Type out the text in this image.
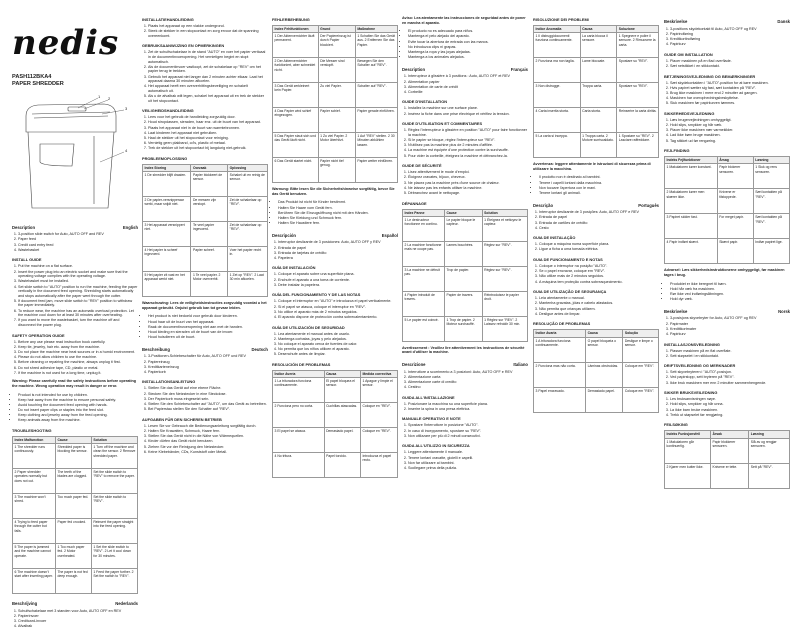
nedis
PASH112BKA4
PAPER SHREDDER
1 2
3
4
Description	English
1. 3-position slide switch for Auto, AUTO OFF and REV
2. Paper feed
3. Credit card entry feed
4. Wastebasket
INSTALL GUIDE
1. Put the machine on a flat surface.
2. Insert the power plug into an electric socket and make sure that the operating voltage complies with the operating voltage.
3. Wastebasket must be installed.
4. Set slide switch to "AUTO" position to run the machine, feeding the paper vertically in the document feed opening. Shredding starts automatically and stops automatically after the paper went through the cutter.
5. If document feed jam, move slide switch to "REV" position to withdraw the paper immediately.
6. To reduce wear, the machine has an automatic overload protection. Let the machine cool down for at least 30 minutes after overheating.
7. If you want to move the wastebasket, turn the machine off and disconnect the power plug.
SAFETY OPERATION GUIDE
1. Before any use please read instruction book carefully.
2. Keep tie, jewelry, hair etc. away from the machine.
3. Do not place the machine near heat sources or in a humid environment.
4. Please do not allow children to use the machine.
5. Before cleaning or repairing the machine, always unplug it first.
6. Do not shred adhesive tape, CD, plastic or metal.
7. If the machine is not used for a long time, unplug it.

Warning: Please carefully read the safety instructions before operating the machine. Wrong operation may result in danger or error.

• Product is not intended for use by children.
• Keep hair away from the machine to ensure personal safety.
• Avoid touching the document feed opening with hands.
• Do not insert paper clips or staples into the feed slot.
• Keep clothing and jewelry away from the feed opening.
• Keep animals away from the machine.
TROUBLESHOOTING
Index Malfunction	Cause	Solution
1 The shredder runs continuously.	Shredded paper is blocking the sensor.	1 Turn off the machine and clean the sensor. 2 Remove shredded paper.
2 Paper shredder operates normally but does not cut.	The teeth of the blades are clogged.	Set the slide switch to "REV" to remove the paper.
3 The machine won't shred.	Too much paper fed.	Set the slide switch to "REV".
4 Trying to feed paper through the cutter but fails.	Paper fed crooked.	Reinsert the paper straight into the feed opening.
5 The paper is jammed and the machine cannot operate.	1 Too much paper fed. 2 Motor overheated.	1 Set the slide switch to "REV". 2 Let it cool down for 30 minutes.
6 The machine doesn't start after inserting paper.	The paper is not fed deep enough.	1 Feed the paper further. 2 Set the switch to "REV".
Beschrijving	Nederlands
1. Schuifschakelaar met 3 standen voor Auto, AUTO OFF en REV
2. Papierinvoer
3. Creditcard-invoer
4. Afvalbak
INSTALLATIEHANDLEIDING
1. Plaats het apparaat op een vlakke ondergrond.
2. Steek de stekker in een stopcontact en zorg ervoor dat de spanning overeenkomt.
GEBRUIKSAANWIJZING EN OPMERKINGEN
1. Zet de schuifschakelaar in de stand "AUTO" en voer het papier verticaal in de documentinvoeropening. Het vernietigen begint en stopt automatisch.
2. Als de documentinvoer vastloopt, zet de schakelaar op "REV" om het papier terug te trekken.
3. Gebruik het apparaat niet langer dan 2 minuten achter elkaar. Laat het apparaat daarna 30 minuten afkoelen.
4. Het apparaat heeft een oververhittingsbeveiliging en schakelt automatisch uit.
5. Als u de afvalbak wilt legen, schakel het apparaat uit en trek de stekker uit het stopcontact.
VEILIGHEIDSHANDLEIDING
1. Lees voor het gebruik de handleiding zorgvuldig door.
2. Houd stropdassen, sieraden, haar enz. uit de buurt van het apparaat.
3. Plaats het apparaat niet in de buurt van warmtebronnen.
4. Laat kinderen het apparaat niet gebruiken.
5. Haal de stekker uit het stopcontact voor reiniging.
6. Vernietig geen plakband, cd's, plastic of metaal.
7. Trek de stekker uit het stopcontact bij langdurig niet-gebruik.
PROBLEEMOPLOSSING
Index Storing	Oorzaak	Oplossing
1 De shredder blijft draaien.	Papier blokkeert de sensor.	Schakel uit en reinig de sensor.
2 De papier-versnipperaar werkt, maar snijdt niet.	De messen zijn verstopt.	Zet de schakelaar op "REV".
3 Het apparaat versnippert niet.	Te veel papier ingevoerd.	Zet de schakelaar op "REV".
4 Het papier is scheef ingevoerd.	Papier scheef.	Voer het papier recht in.
5 Het papier zit vast en het apparaat werkt niet.	1 Te veel papier. 2 Motor oververhit.	1 Zet op "REV". 2 Laat 30 min afkoelen.

Waarschuwing: Lees de veiligheidsinstructies zorgvuldig voordat u het apparaat gebruikt. Onjuist gebruik kan tot gevaar leiden.

• Het product is niet bedoeld voor gebruik door kinderen.
• Houd haar uit de buurt van het apparaat.
• Raak de documentinvoeropening niet aan met de handen.
• Houd kleding en sieraden uit de buurt van de invoer.
• Houd huisdieren uit de buurt.
Beschreibung	Deutsch
1. 3-Positionen-Schiebeschalter für Auto, AUTO OFF und REV
2. Papiereinzug
3. Kreditkarteneinzug
4. Papierkorb
INSTALLATIONSANLEITUNG
1. Stellen Sie das Gerät auf eine ebene Fläche.
2. Stecken Sie den Netzstecker in eine Steckdose.
3. Der Papierkorb muss eingesetzt sein.
4. Stellen Sie den Schiebeschalter auf "AUTO", um das Gerät zu betreiben.
5. Bei Papierstau stellen Sie den Schalter auf "REV".
AUFGABEN FÜR DEN SICHEREN BETRIEB
1. Lesen Sie vor Gebrauch die Bedienungsanleitung sorgfältig durch.
2. Halten Sie Krawatten, Schmuck, Haare fern.
3. Stellen Sie das Gerät nicht in die Nähe von Wärmequellen.
4. Kinder dürfen das Gerät nicht benutzen.
5. Ziehen Sie vor der Reinigung den Netzstecker.
6. Keine Klebebänder, CDs, Kunststoff oder Metall.
FEHLERBEHEBUNG
Index Fehlfunktionen	Grund	Maßnahme
1 Der Aktenvernichter läuft permanent.	Der Papiereinzug ist durch Papier blockiert.	1 Schalten Sie das Gerät aus. 2 Entfernen Sie das Papier.
2 Der Aktenvernichter funktioniert, aber schneidet nicht.	Die Messer sind verstopft.	Bewegen Sie den Schalter auf "REV".
3 Das Gerät zerkleinert kein Papier.	Zu viel Papier.	Schalter auf "REV".
4 Das Papier wird schief eingezogen.	Papier schief.	Papier gerade einführen.
5 Das Papier staut sich und das Gerät läuft nicht.	1 Zu viel Papier. 2 Motor überhitzt.	1 Auf "REV" stellen. 2 30 Minuten abkühlen lassen.
6 Das Gerät startet nicht.	Papier nicht tief genug.	Papier weiter einführen.

Warnung: Bitte lesen Sie die Sicherheitshinweise sorgfältig, bevor Sie das Gerät benutzen.

• Das Produkt ist nicht für Kinder bestimmt.
• Halten Sie Haare vom Gerät fern.
• Berühren Sie die Einzugsöffnung nicht mit den Händen.
• Halten Sie Kleidung und Schmuck fern.
• Halten Sie Haustiere fern.
Descripción	Español
1. Interruptor deslizante de 3 posiciones: Auto, AUTO OFF y REV
2. Entrada de papel
3. Entrada de tarjetas de crédito
4. Papelera
GUÍA DE INSTALACIÓN
1. Coloque el aparato sobre una superficie plana.
2. Enchufe el aparato a una toma de corriente.
3. Debe instalar la papelera.
GUÍA DEL FUNCIONAMIENTO Y DE LAS NOTAS
1. Coloque el interruptor en "AUTO" e introduzca el papel verticalmente.
2. Si el papel se atasca, coloque el interruptor en "REV".
3. No utilice el aparato más de 2 minutos seguidos.
4. El aparato dispone de protección contra sobrecalentamiento.
GUÍA DE UTILIZACIÓN DE SEGURIDAD
1. Lea atentamente el manual antes de usarlo.
2. Mantenga corbatas, joyas y pelo alejados.
3. No coloque el aparato cerca de fuentes de calor.
4. No permita que los niños utilicen el aparato.
5. Desenchufe antes de limpiar.
RESOLUCIÓN DE PROBLEMAS
Índice Avería	Causa	Medida correctiva
1 La trituradora funciona continuamente.	El papel bloquea el sensor.	1 Apague y limpie el sensor.
2 Funciona pero no corta.	Cuchillas atascadas.	Coloque en "REV".
3 El papel se atasca.	Demasiado papel.	Coloque en "REV".
4 No tritura.	Papel torcido.	Introduzca el papel recto.

Aviso: Lea atentamente las instrucciones de seguridad antes de poner en marcha el aparato.

• El producto no es adecuado para niños.
• Mantenga el pelo alejado del aparato.
• Evite tocar la abertura de entrada con las manos.
• No introduzca clips ni grapas.
• Mantenga la ropa y las joyas alejadas.
• Mantenga a los animales alejados.
Description	Français
1. Interrupteur à glissière à 3 positions : Auto, AUTO OFF et REV
2. Alimentation papier
3. Alimentation de carte de crédit
4. Corbeille
GUIDE D'INSTALLATION
1. Installez la machine sur une surface plane.
2. Insérez la fiche dans une prise électrique et vérifiez la tension.
GUIDE D'UTILISATION ET COMMENTAIRES
1. Réglez l'interrupteur à glissière en position "AUTO" pour faire fonctionner la machine.
2. Si le papier se bloque, réglez l'interrupteur sur "REV".
3. N'utilisez pas la machine plus de 2 minutes d'affilée.
4. La machine est équipée d'une protection contre la surchauffe.
5. Pour vider la corbeille, éteignez la machine et débranchez-la.
GUIDE DE SÉCURITÉ
1. Lisez attentivement le mode d'emploi.
2. Éloignez cravates, bijoux, cheveux.
3. Ne placez pas la machine près d'une source de chaleur.
4. Ne laissez pas les enfants utiliser la machine.
5. Débranchez avant le nettoyage.
DÉPANNAGE
Index Panne	Cause	Solution
1 Le destructeur fonctionne en continu.	Le papier bloque le capteur.	1 Éteignez et nettoyez le capteur.
2 La machine fonctionne mais ne coupe pas.	Lames bouchées.	Réglez sur "REV".
3 La machine ne détruit pas.	Trop de papier.	Réglez sur "REV".
4 Papier introduit de travers.	Papier de travers.	Réintroduisez le papier droit.
5 Le papier est coincé.	1 Trop de papier. 2 Moteur surchauffé.	1 Réglez sur "REV". 2 Laissez refroidir 30 min.

Avertissement : Veuillez lire attentivement les instructions de sécurité avant d'utiliser la machine.

Descrizione	Italiano
1. Interruttore a scorrimento a 3 posizioni: Auto, AUTO OFF e REV
2. Alimentazione carta
3. Alimentazione carte di credito
4. Cestino
GUIDA ALL'INSTALLAZIONE
1. Posizionare la macchina su una superficie piana.
2. Inserire la spina in una presa elettrica.
MANUALE OPERATIVO E NOTE
1. Spostare l'interruttore in posizione "AUTO".
2. In caso di inceppamento, spostare su "REV".
3. Non utilizzare per più di 2 minuti consecutivi.
GUIDA ALL'UTILIZZO IN SICUREZZA
1. Leggere attentamente il manuale.
2. Tenere lontani cravatte, gioielli e capelli.
3. Non far utilizzare ai bambini.
4. Scollegare prima della pulizia.
RISOLUZIONE DEI PROBLEMI
Indice Anomalia	Causa	Soluzione
1 Il distruggidocumenti funziona continuamente.	La carta blocca il sensore.	1 Spegnere e pulire il sensore. 2 Rimuovere la carta.
2 Funziona ma non taglia.	Lame bloccate.	Spostare su "REV".
3 Non distrugge.	Troppa carta.	Spostare su "REV".
4 Carta inserita storta.	Carta storta.	Reinserire la carta diritta.
5 La carta si inceppa.	1 Troppa carta. 2 Motore surriscaldato.	1 Spostare su "REV". 2 Lasciare raffreddare.

Avvertenza: leggere attentamente le istruzioni di sicurezza prima di utilizzare la macchina.

• Il prodotto non è destinato ai bambini.
• Tenere i capelli lontani dalla macchina.
• Non toccare l'apertura con le mani.
• Tenere lontani gli animali.
Descrição	Português
1. Interruptor deslizante de 3 posições: Auto, AUTO OFF e REV
2. Entrada de papel
3. Entrada de cartões de crédito
4. Cesto
GUIA DE INSTALAÇÃO
1. Coloque a máquina numa superfície plana.
2. Ligue a ficha a uma tomada elétrica.
GUIA DE FUNCIONAMENTO E NOTAS
1. Coloque o interruptor na posição "AUTO".
2. Se o papel encravar, coloque em "REV".
3. Não utilize mais de 2 minutos seguidos.
4. A máquina tem proteção contra sobreaquecimento.
GUIA DE UTILIZAÇÃO DE SEGURANÇA
1. Leia atentamente o manual.
2. Mantenha gravatas, jóias e cabelo afastados.
3. Não permita que crianças utilizem.
4. Desligue antes de limpar.
RESOLUÇÃO DE PROBLEMAS
Índice Avaria	Causa	Solução
1 A trituradora funciona continuamente.	O papel bloqueia o sensor.	Desligue e limpe o sensor.
2 Funciona mas não corta.	Lâminas obstruídas.	Coloque em "REV".
3 Papel encravado.	Demasiado papel.	Coloque em "REV".
Beskrivelse	Dansk
1. 3-positions skydekontakt til Auto, AUTO OFF og REV
2. Papirindføring
3. Kreditkortindføring
4. Papirkurv
GUIDE OM INSTALLATION
1. Placer maskinen på en flad overflade.
2. Sæt netstikket i en stikkontakt.
BETJENINGSVEJLEDNING OG BEMÆRKNINGER
1. Sæt skydekontakten i "AUTO"-position for at køre maskinen.
2. Hvis papiret sætter sig fast, sæt kontakten på "REV".
3. Brug ikke maskinen i mere end 2 minutter ad gangen.
4. Maskinen har overophedningsbeskyttelse.
5. Sluk maskinen før papirkurven tømmes.
SIKKERHEDSVEJLEDNING
1. Læs brugervejledningen omhyggeligt.
2. Hold slips, smykker og hår væk.
3. Placer ikke maskinen nær varmekilder.
4. Lad ikke børn bruge maskinen.
5. Tag stikket ud før rengøring.
FEJLFINDING
Indeks Fejlfunktioner	Årsag	Løsning
1 Makulatoren kører konstant.	Papir blokerer sensoren.	1 Sluk og rens sensoren.
2 Makulatoren kører men skærer ikke.	Knivene er tilstoppede.	Sæt kontakten på "REV".
3 Papiret sidder fast.	For meget papir.	Sæt kontakten på "REV".
4 Papir indført skævt.	Skævt papir.	Indfør papiret lige.

Advarsel: Læs sikkerhedsinstruktionerne omhyggeligt, før maskinen tages i brug.

• Produktet er ikke beregnet til børn.
• Hold hår væk fra maskinen.
• Rør ikke ved indføringsåbningen.
• Hold dyr væk.
Beskrivelse	Norsk
1. 3-posisjons skyvebryter for Auto, AUTO OFF og REV
2. Papirmater
3. Kredittkortmater
4. Papirkurv
INSTALLASJONSVEILEDNING
1. Plasser maskinen på en flat overflate.
2. Sett støpselet i en stikkontakt.
DRIFTSVEILEDNING OG MERKNADER
1. Sett skyvebryteren i "AUTO"-posisjon.
2. Ved papirstopp, sett bryteren på "REV".
3. Ikke bruk maskinen mer enn 2 minutter sammenhengende.
SIKKER BRUKSVEILEDNING
1. Les bruksanvisningen nøye.
2. Hold slips, smykker og hår unna.
3. La ikke barn bruke maskinen.
4. Trekk ut støpselet før rengjøring.
FEILSØKING
Indeks Funksjonsfeil	Årsak	Løsning
1 Makulatoren går kontinuerlig.	Papir blokkerer sensoren.	Slå av og rengjør sensoren.
2 Kjører men kutter ikke.	Knivene er tette.	Sett på "REV".
